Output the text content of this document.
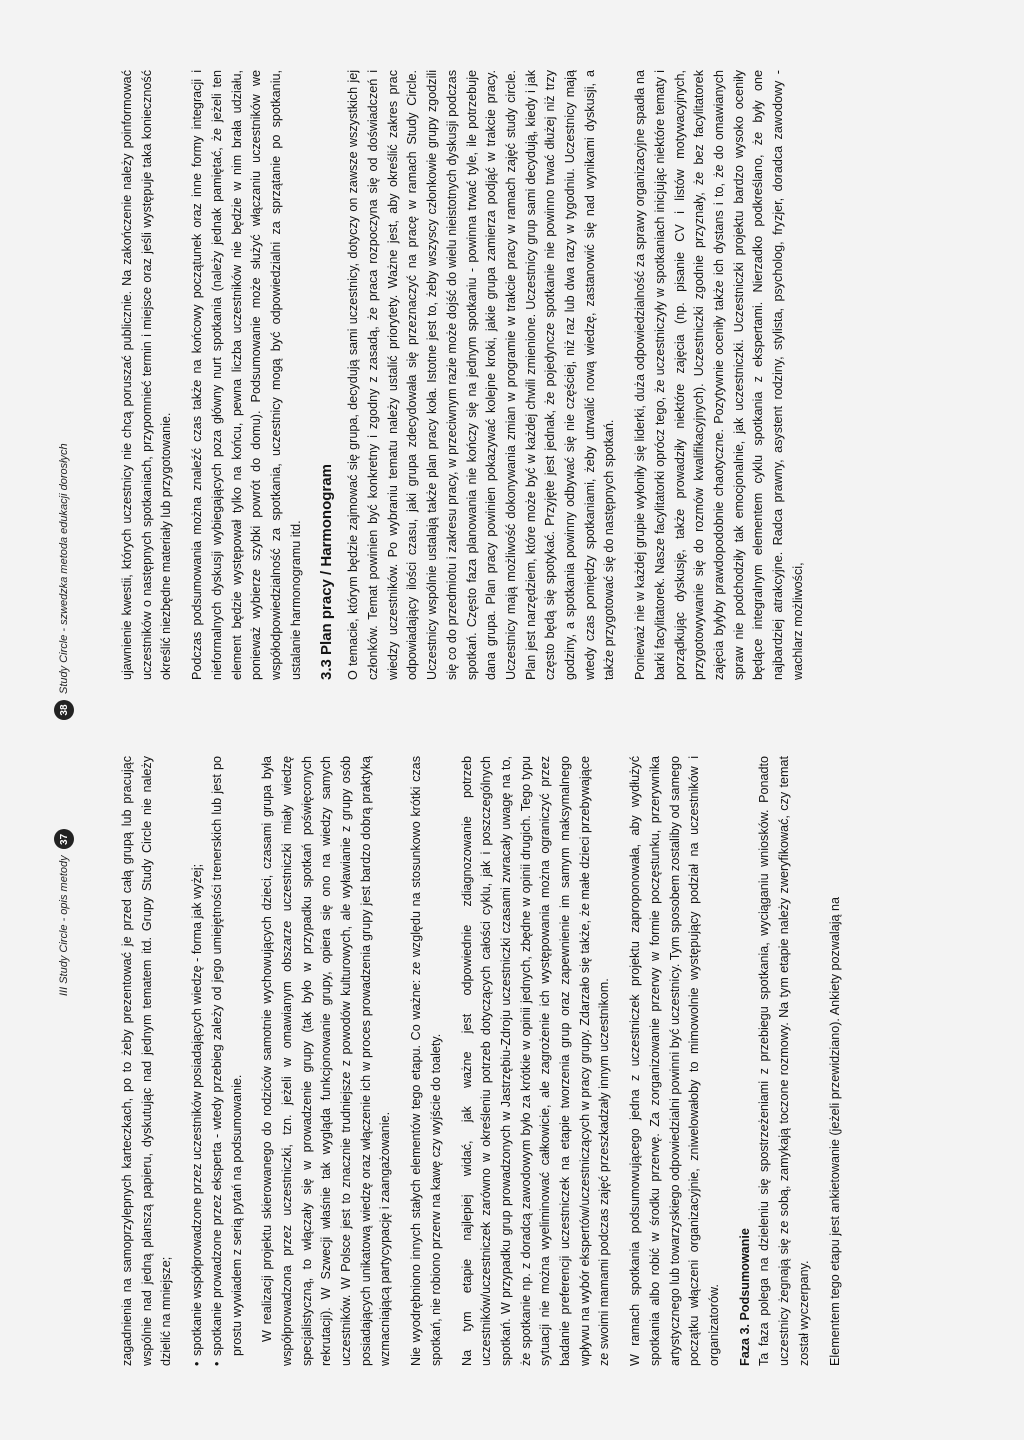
III Study Circle - opis metody
37
38
Study Circle - szwedzka metoda edukacji dorosłych

zagadnienia na samoprzylepnych karteczkach, po to żeby prezentować je przed całą grupą lub pracując wspólnie nad jedną planszą papieru, dyskutując nad jednym tematem itd. Grupy Study Circle nie należy dzielić na mniejsze; • spotkanie współprowadzone przez uczestników posiadających wiedzę - forma jak wyżej; • spotkanie prowadzone przez eksperta - wtedy przebieg zależy od jego umiejętności trenerskich lub jest po prostu wywiadem z serią pytań na podsumowanie. W realizacji projektu skierowanego do rodziców samotnie wychowujących dzieci, czasami grupa była współprowadzona przez uczestniczki, tzn. jeżeli w omawianym obszarze uczestniczki miały wiedzę specjalistyczną, to włączały się w prowadzenie grupy (tak było w przypadku spotkań poświęconych rekrutacji). W Szwecji właśnie tak wygląda funkcjonowanie grupy, opiera się ono na wiedzy samych uczestników. W Polsce jest to znacznie trudniejsze z powodów kulturowych, ale wyławianie z grupy osób posiadających unikatową wiedzę oraz włączenie ich w proces prowadzenia grupy jest bardzo dobrą praktyką wzmacniającą partycypację i zaangażowanie. Nie wyodrębniono innych stałych elementów tego etapu. Co ważne: ze względu na stosunkowo krótki czas spotkań, nie robiono przerw na kawę czy wyjście do toalety. Na tym etapie najlepiej widać, jak ważne jest odpowiednie zdiagnozowanie potrzeb uczestników/uczestniczek zarówno w określeniu potrzeb dotyczących całości cyklu, jak i poszczególnych spotkań. W przypadku grup prowadzonych w Jastrzębiu-Zdroju uczestniczki czasami zwracały uwagę na to, że spotkanie np. z doradcą zawodowym było za krótkie w opinii jednych, zbędne w opinii drugich. Tego typu sytuacji nie można wyeliminować całkowicie, ale zagrożenie ich występowania można ograniczyć przez badanie preferencji uczestniczek na etapie tworzenia grup oraz zapewnienie im samym maksymalnego wpływu na wybór ekspertów/uczestniczących w pracy grupy. Zdarzało się także, że małe dzieci przebywające ze swoimi mamami podczas zajęć przeszkadzały innym uczestnikom. W ramach spotkania podsumowującego jedna z uczestniczek projektu zaproponowała, aby wydłużyć spotkania albo robić w środku przerwę. Za zorganizowanie przerwy w formie poczęstunku, przerywnika artystycznego lub towarzyskiego odpowiedzialni powinni być uczestnicy. Tym sposobem zostaliby od samego początku włączeni organizacyjnie, zniwelowałoby to mimowolnie występujący podział na uczestników i organizatorów. Faza 3. Podsumowanie Ta faza polega na dzieleniu się spostrzeżeniami z przebiegu spotkania, wyciąganiu wniosków. Ponadto uczestnicy żegnają się ze sobą, zamykają toczone rozmowy. Na tym etapie należy zweryfikować, czy temat został wyczerpany. Elementem tego etapu jest ankietowanie (jeżeli przewidziano). Ankiety pozwalają na

ujawnienie kwestii, których uczestnicy nie chcą poruszać publicznie. Na zakończenie należy poinformować uczestników o następnych spotkaniach, przypomnieć termin i miejsce oraz jeśli występuje taka konieczność określić niezbędne materiały lub przygotowanie. Podczas podsumowania można znaleźć czas także na końcowy początunek oraz inne formy integracji i nieformalnych dyskusji wybiegających poza główny nurt spotkania (należy jednak pamiętać, że jeżeli ten element będzie występował tylko na końcu, pewna liczba uczestników nie będzie w nim brała udziału, ponieważ wybierze szybki powrót do domu). Podsumowanie może służyć włączaniu uczestników we współodpowiedzialność za spotkania, uczestnicy mogą być odpowiedzialni za sprzątanie po spotkaniu, ustalanie harmonogramu itd. 3.3 Plan pracy / Harmonogram O temacie, którym będzie zajmować się grupa, decydują sami uczestnicy, dotyczy on zawsze wszystkich jej członków. Temat powinien być konkretny i zgodny z zasadą, że praca rozpoczyna się od doświadczeń i wiedzy uczestników. Po wybraniu tematu należy ustalić priorytety. Ważne jest, aby określić zakres prac odpowiadający ilości czasu, jaki grupa zdecydowała się przeznaczyć na pracę w ramach Study Circle. Uczestnicy wspólnie ustalają także plan pracy koła. Istotne jest to, żeby wszyscy członkowie grupy zgodzili się co do przedmiotu i zakresu pracy, w przeciwnym razie może dojść do wielu nieistotnych dyskusji podczas spotkań. Często faza planowania nie kończy się na jednym spotkaniu - powinna trwać tyle, ile potrzebuje dana grupa. Plan pracy powinien pokazywać kolejne kroki, jakie grupa zamierza podjąć w trakcie pracy. Uczestnicy mają możliwość dokonywania zmian w programie w trakcie pracy w ramach zajęć study circle. Plan jest narzędziem, które może być w każdej chwili zmienione. Uczestnicy grup sami decydują, kiedy i jak często będą się spotykać. Przyjęte jest jednak, że pojedyncze spotkanie nie powinno trwać dłużej niż trzy godziny, a spotkania powinny odbywać się nie częściej, niż raz lub dwa razy w tygodniu. Uczestnicy mają wtedy czas pomiędzy spotkaniami, żeby utrwalić nową wiedzę, zastanowić się nad wynikami dyskusji, a także przygotować się do następnych spotkań. Ponieważ nie w każdej grupie wyłoniły się liderki, duża odpowiedzialność za sprawy organizacyjne spadła na barki facylitatorek. Nasze facylitatorki oprócz tego, że uczestniczyły w spotkaniach inicjując niektóre tematy i porządkując dyskusję, także prowadziły niektóre zajęcia (np. pisanie CV i listów motywacyjnych, przygotowywanie się do rozmów kwalifikacyjnych). Uczestniczki zgodnie przyznały, że bez facylitatorek zajęcia byłyby prawdopodobnie chaotyczne. Pozytywnie oceniły także ich dystans i to, że do omawianych spraw nie podchodziły tak emocjonalnie, jak uczestniczki. Uczestniczki projektu bardzo wysoko oceniły będące integralnym elementem cyklu spotkania z ekspertami. Nierzadko podkreślano, że były one najbardziej atrakcyjne. Radca prawny, asystent rodziny, stylista, psycholog, fryzjer, doradca zawodowy - wachlarz możliwości,
